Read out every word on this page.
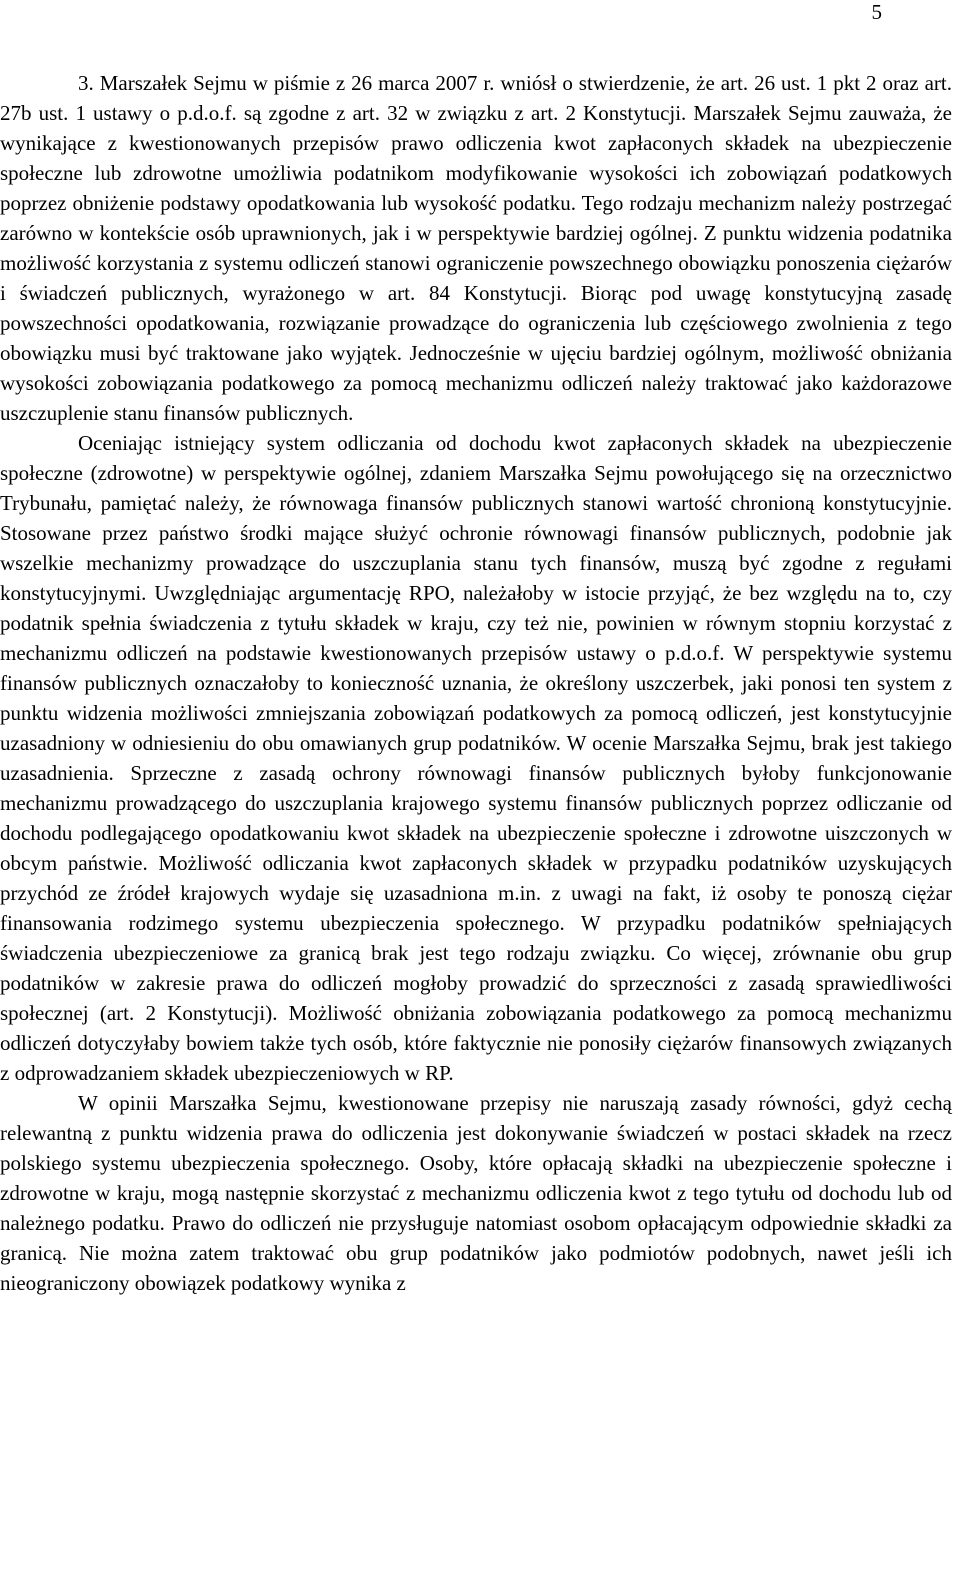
5

3. Marszałek Sejmu w piśmie z 26 marca 2007 r. wniósł o stwierdzenie, że art. 26 ust. 1 pkt 2 oraz art. 27b ust. 1 ustawy o p.d.o.f. są zgodne z art. 32 w związku z art. 2 Konstytucji. Marszałek Sejmu zauważa, że wynikające z kwestionowanych przepisów prawo odliczenia kwot zapłaconych składek na ubezpieczenie społeczne lub zdrowotne umożliwia podatnikom modyfikowanie wysokości ich zobowiązań podatkowych poprzez obniżenie podstawy opodatkowania lub wysokość podatku. Tego rodzaju mechanizm należy postrzegać zarówno w kontekście osób uprawnionych, jak i w perspektywie bardziej ogólnej. Z punktu widzenia podatnika możliwość korzystania z systemu odliczeń stanowi ograniczenie powszechnego obowiązku ponoszenia ciężarów i świadczeń publicznych, wyrażonego w art. 84 Konstytucji. Biorąc pod uwagę konstytucyjną zasadę powszechności opodatkowania, rozwiązanie prowadzące do ograniczenia lub częściowego zwolnienia z tego obowiązku musi być traktowane jako wyjątek. Jednocześnie w ujęciu bardziej ogólnym, możliwość obniżania wysokości zobowiązania podatkowego za pomocą mechanizmu odliczeń należy traktować jako każdorazowe uszczuplenie stanu finansów publicznych.

Oceniając istniejący system odliczania od dochodu kwot zapłaconych składek na ubezpieczenie społeczne (zdrowotne) w perspektywie ogólnej, zdaniem Marszałka Sejmu powołującego się na orzecznictwo Trybunału, pamiętać należy, że równowaga finansów publicznych stanowi wartość chronioną konstytucyjnie. Stosowane przez państwo środki mające służyć ochronie równowagi finansów publicznych, podobnie jak wszelkie mechanizmy prowadzące do uszczuplania stanu tych finansów, muszą być zgodne z regułami konstytucyjnymi. Uwzględniając argumentację RPO, należałoby w istocie przyjąć, że bez względu na to, czy podatnik spełnia świadczenia z tytułu składek w kraju, czy też nie, powinien w równym stopniu korzystać z mechanizmu odliczeń na podstawie kwestionowanych przepisów ustawy o p.d.o.f. W perspektywie systemu finansów publicznych oznaczałoby to konieczność uznania, że określony uszczerbek, jaki ponosi ten system z punktu widzenia możliwości zmniejszania zobowiązań podatkowych za pomocą odliczeń, jest konstytucyjnie uzasadniony w odniesieniu do obu omawianych grup podatników. W ocenie Marszałka Sejmu, brak jest takiego uzasadnienia. Sprzeczne z zasadą ochrony równowagi finansów publicznych byłoby funkcjonowanie mechanizmu prowadzącego do uszczuplania krajowego systemu finansów publicznych poprzez odliczanie od dochodu podlegającego opodatkowaniu kwot składek na ubezpieczenie społeczne i zdrowotne uiszczonych w obcym państwie. Możliwość odliczania kwot zapłaconych składek w przypadku podatników uzyskujących przychód ze źródeł krajowych wydaje się uzasadniona m.in. z uwagi na fakt, iż osoby te ponoszą ciężar finansowania rodzimego systemu ubezpieczenia społecznego. W przypadku podatników spełniających świadczenia ubezpieczeniowe za granicą brak jest tego rodzaju związku. Co więcej, zrównanie obu grup podatników w zakresie prawa do odliczeń mogłoby prowadzić do sprzeczności z zasadą sprawiedliwości społecznej (art. 2 Konstytucji). Możliwość obniżania zobowiązania podatkowego za pomocą mechanizmu odliczeń dotyczyłaby bowiem także tych osób, które faktycznie nie ponosiły ciężarów finansowych związanych z odprowadzaniem składek ubezpieczeniowych w RP.

W opinii Marszałka Sejmu, kwestionowane przepisy nie naruszają zasady równości, gdyż cechą relewantną z punktu widzenia prawa do odliczenia jest dokonywanie świadczeń w postaci składek na rzecz polskiego systemu ubezpieczenia społecznego. Osoby, które opłacają składki na ubezpieczenie społeczne i zdrowotne w kraju, mogą następnie skorzystać z mechanizmu odliczenia kwot z tego tytułu od dochodu lub od należnego podatku. Prawo do odliczeń nie przysługuje natomiast osobom opłacającym odpowiednie składki za granicą. Nie można zatem traktować obu grup podatników jako podmiotów podobnych, nawet jeśli ich nieograniczony obowiązek podatkowy wynika z
